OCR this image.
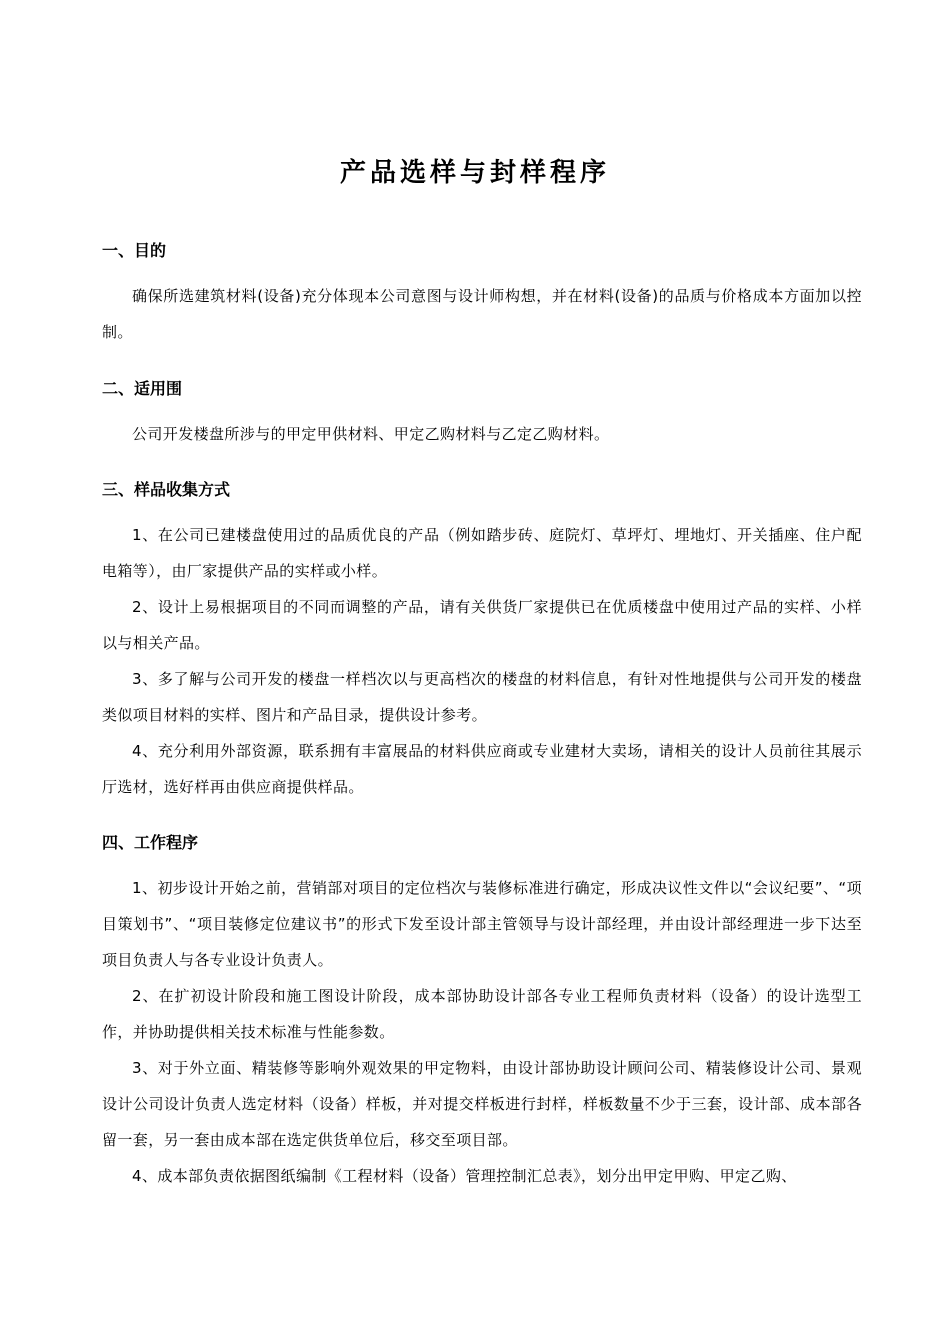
产品选样与封样程序
一、目的
确保所选建筑材料(设备)充分体现本公司意图与设计师构想，并在材料(设备)的品质与价格成本方面加以控制。
二、适用围
公司开发楼盘所涉与的甲定甲供材料、甲定乙购材料与乙定乙购材料。
三、样品收集方式
1、在公司已建楼盘使用过的品质优良的产品（例如踏步砖、庭院灯、草坪灯、埋地灯、开关插座、住户配电箱等），由厂家提供产品的实样或小样。
2、设计上易根据项目的不同而调整的产品，请有关供货厂家提供已在优质楼盘中使用过产品的实样、小样以与相关产品。
3、多了解与公司开发的楼盘一样档次以与更高档次的楼盘的材料信息，有针对性地提供与公司开发的楼盘类似项目材料的实样、图片和产品目录，提供设计参考。
4、充分利用外部资源，联系拥有丰富展品的材料供应商或专业建材大卖场，请相关的设计人员前往其展示厅选材，选好样再由供应商提供样品。
四、工作程序
1、初步设计开始之前，营销部对项目的定位档次与装修标准进行确定，形成决议性文件以“会议纪要”、“项目策划书”、“项目装修定位建议书”的形式下发至设计部主管领导与设计部经理，并由设计部经理进一步下达至项目负责人与各专业设计负责人。
2、在扩初设计阶段和施工图设计阶段，成本部协助设计部各专业工程师负责材料（设备）的设计选型工作，并协助提供相关技术标准与性能参数。
3、对于外立面、精装修等影响外观效果的甲定物料，由设计部协助设计顾问公司、精装修设计公司、景观设计公司设计负责人选定材料（设备）样板，并对提交样板进行封样，样板数量不少于三套，设计部、成本部各留一套，另一套由成本部在选定供货单位后，移交至项目部。
4、成本部负责依据图纸编制《工程材料（设备）管理控制汇总表》，划分出甲定甲购、甲定乙购、
